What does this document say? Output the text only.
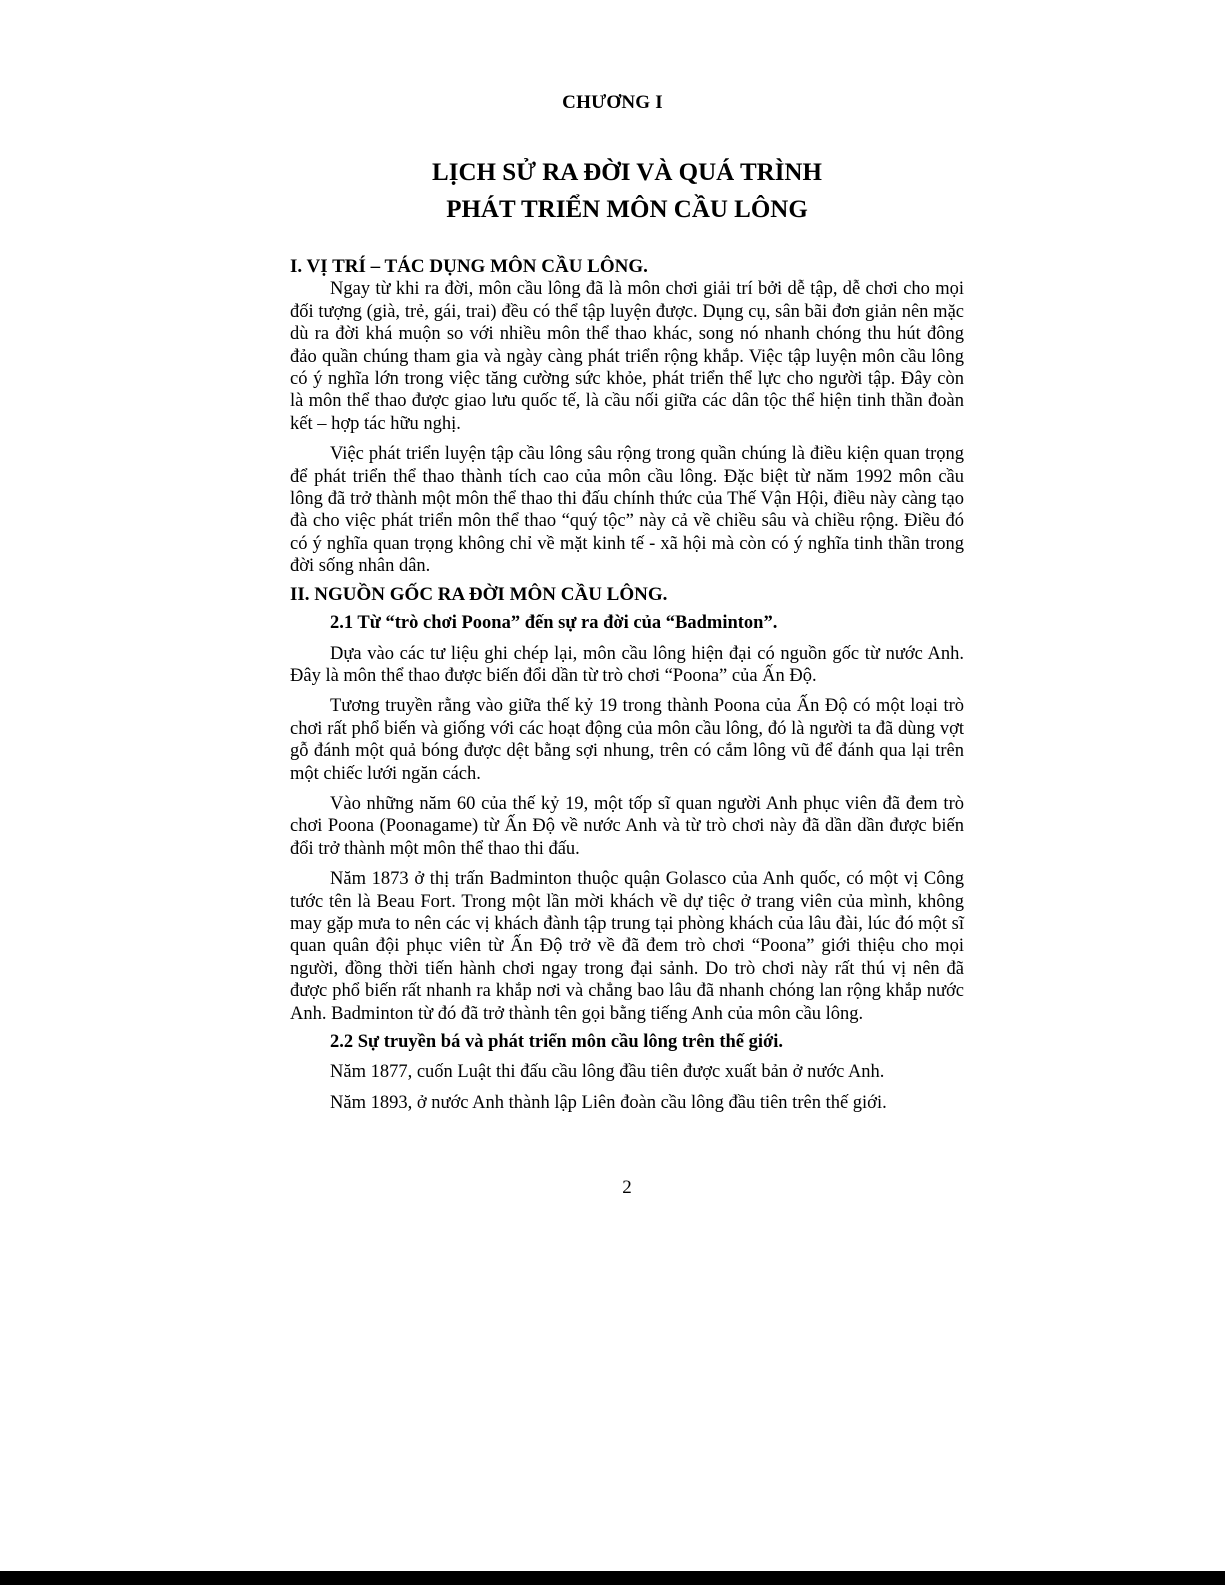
CHƯƠNG I
LỊCH SỬ RA ĐỜI VÀ QUÁ TRÌNH
PHÁT TRIỂN MÔN CẦU LÔNG

I. VỊ TRÍ – TÁC DỤNG MÔN CẦU LÔNG.

Ngay từ khi ra đời, môn cầu lông đã là môn chơi giải trí bởi dễ tập, dễ chơi cho mọi đối tượng (già, trẻ, gái, trai) đều có thể tập luyện được. Dụng cụ, sân bãi đơn giản nên mặc dù ra đời khá muộn so với nhiều môn thể thao khác, song nó nhanh chóng thu hút đông đảo quần chúng tham gia và ngày càng phát triển rộng khắp. Việc tập luyện môn cầu lông có ý nghĩa lớn trong việc tăng cường sức khỏe, phát triển thể lực cho người tập. Đây còn là môn thể thao được giao lưu quốc tế, là cầu nối giữa các dân tộc thể hiện tinh thần đoàn kết – hợp tác hữu nghị.

Việc phát triển luyện tập cầu lông sâu rộng trong quần chúng là điều kiện quan trọng để phát triển thể thao thành tích cao của môn cầu lông. Đặc biệt từ năm 1992 môn cầu lông đã trở thành một môn thể thao thi đấu chính thức của Thế Vận Hội, điều này càng tạo đà cho việc phát triển môn thể thao “quý tộc” này cả về chiều sâu và chiều rộng. Điều đó có ý nghĩa quan trọng không chỉ về mặt kinh tế - xã hội mà còn có ý nghĩa tinh thần trong đời sống nhân dân.

II. NGUỒN GỐC RA ĐỜI MÔN CẦU LÔNG.

2.1 Từ “trò chơi Poona” đến sự ra đời của “Badminton”.

Dựa vào các tư liệu ghi chép lại, môn cầu lông hiện đại có nguồn gốc từ nước Anh. Đây là môn thể thao được biến đổi dần từ trò chơi “Poona” của Ấn Độ.

Tương truyền rằng vào giữa thế kỷ 19 trong thành Poona của Ấn Độ có một loại trò chơi rất phổ biến và giống với các hoạt động của môn cầu lông, đó là người ta đã dùng vợt gỗ đánh một quả bóng được dệt bằng sợi nhung, trên có cắm lông vũ để đánh qua lại trên một chiếc lưới ngăn cách.

Vào những năm 60 của thế kỷ 19, một tốp sĩ quan người Anh phục viên đã đem trò chơi Poona (Poonagame) từ Ấn Độ về nước Anh và từ trò chơi này đã dần dần được biến đổi trở thành một môn thể thao thi đấu.

Năm 1873 ở thị trấn Badminton thuộc quận Golasco của Anh quốc, có một vị Công tước tên là Beau Fort. Trong một lần mời khách về dự tiệc ở trang viên của mình, không may gặp mưa to nên các vị khách đành tập trung tại phòng khách của lâu đài, lúc đó một sĩ quan quân đội phục viên từ Ấn Độ trở về đã đem trò chơi “Poona” giới thiệu cho mọi người, đồng thời tiến hành chơi ngay trong đại sảnh. Do trò chơi này rất thú vị nên đã được phổ biến rất nhanh ra khắp nơi và chẳng bao lâu đã nhanh chóng lan rộng khắp nước Anh. Badminton từ đó đã trở thành tên gọi bằng tiếng Anh của môn cầu lông.

2.2 Sự truyền bá và phát triển môn cầu lông trên thế giới.

Năm 1877, cuốn Luật thi đấu cầu lông đầu tiên được xuất bản ở nước Anh.

Năm 1893, ở nước Anh thành lập Liên đoàn cầu lông đầu tiên trên thế giới.

2
